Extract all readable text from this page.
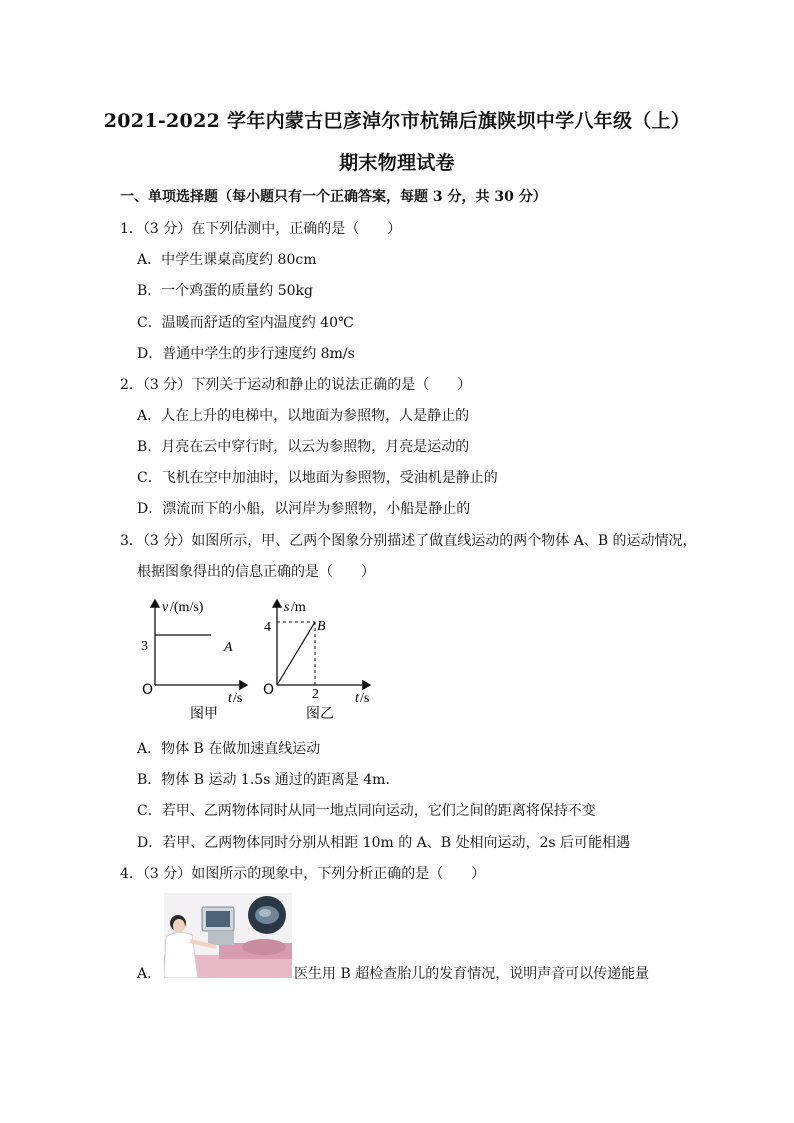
2021-2022 学年内蒙古巴彦淖尔市杭锦后旗陕坝中学八年级（上）
期末物理试卷
一、单项选择题（每小题只有一个正确答案，每题 3 分，共 30 分）
1．（3 分）在下列估测中，正确的是（　　）
A．中学生课桌高度约 80cm
B．一个鸡蛋的质量约 50kg
C．温暖而舒适的室内温度约 40℃
D．普通中学生的步行速度约 8m/s
2．（3 分）下列关于运动和静止的说法正确的是（　　）
A．人在上升的电梯中，以地面为参照物，人是静止的
B．月亮在云中穿行时，以云为参照物，月亮是运动的
C．飞机在空中加油时，以地面为参照物，受油机是静止的
D．漂流而下的小船，以河岸为参照物，小船是静止的
3．（3 分）如图所示，甲、乙两个图象分别描述了做直线运动的两个物体 A、B 的运动情况，
根据图象得出的信息正确的是（　　）
v /(m/s)
3	A
O
t /s
图甲
s /m
4	B
O	2	t /s
图乙
A．物体 B 在做加速直线运动
B．物体 B 运动 1.5s 通过的距离是 4m.
C．若甲、乙两物体同时从同一地点同向运动，它们之间的距离将保持不变
D．若甲、乙两物体同时分别从相距 10m 的 A、B 处相向运动，2s 后可能相遇
4．（3 分）如图所示的现象中，下列分析正确的是（　　）
A．	医生用 B 超检查胎儿的发育情况，说明声音可以传递能量
